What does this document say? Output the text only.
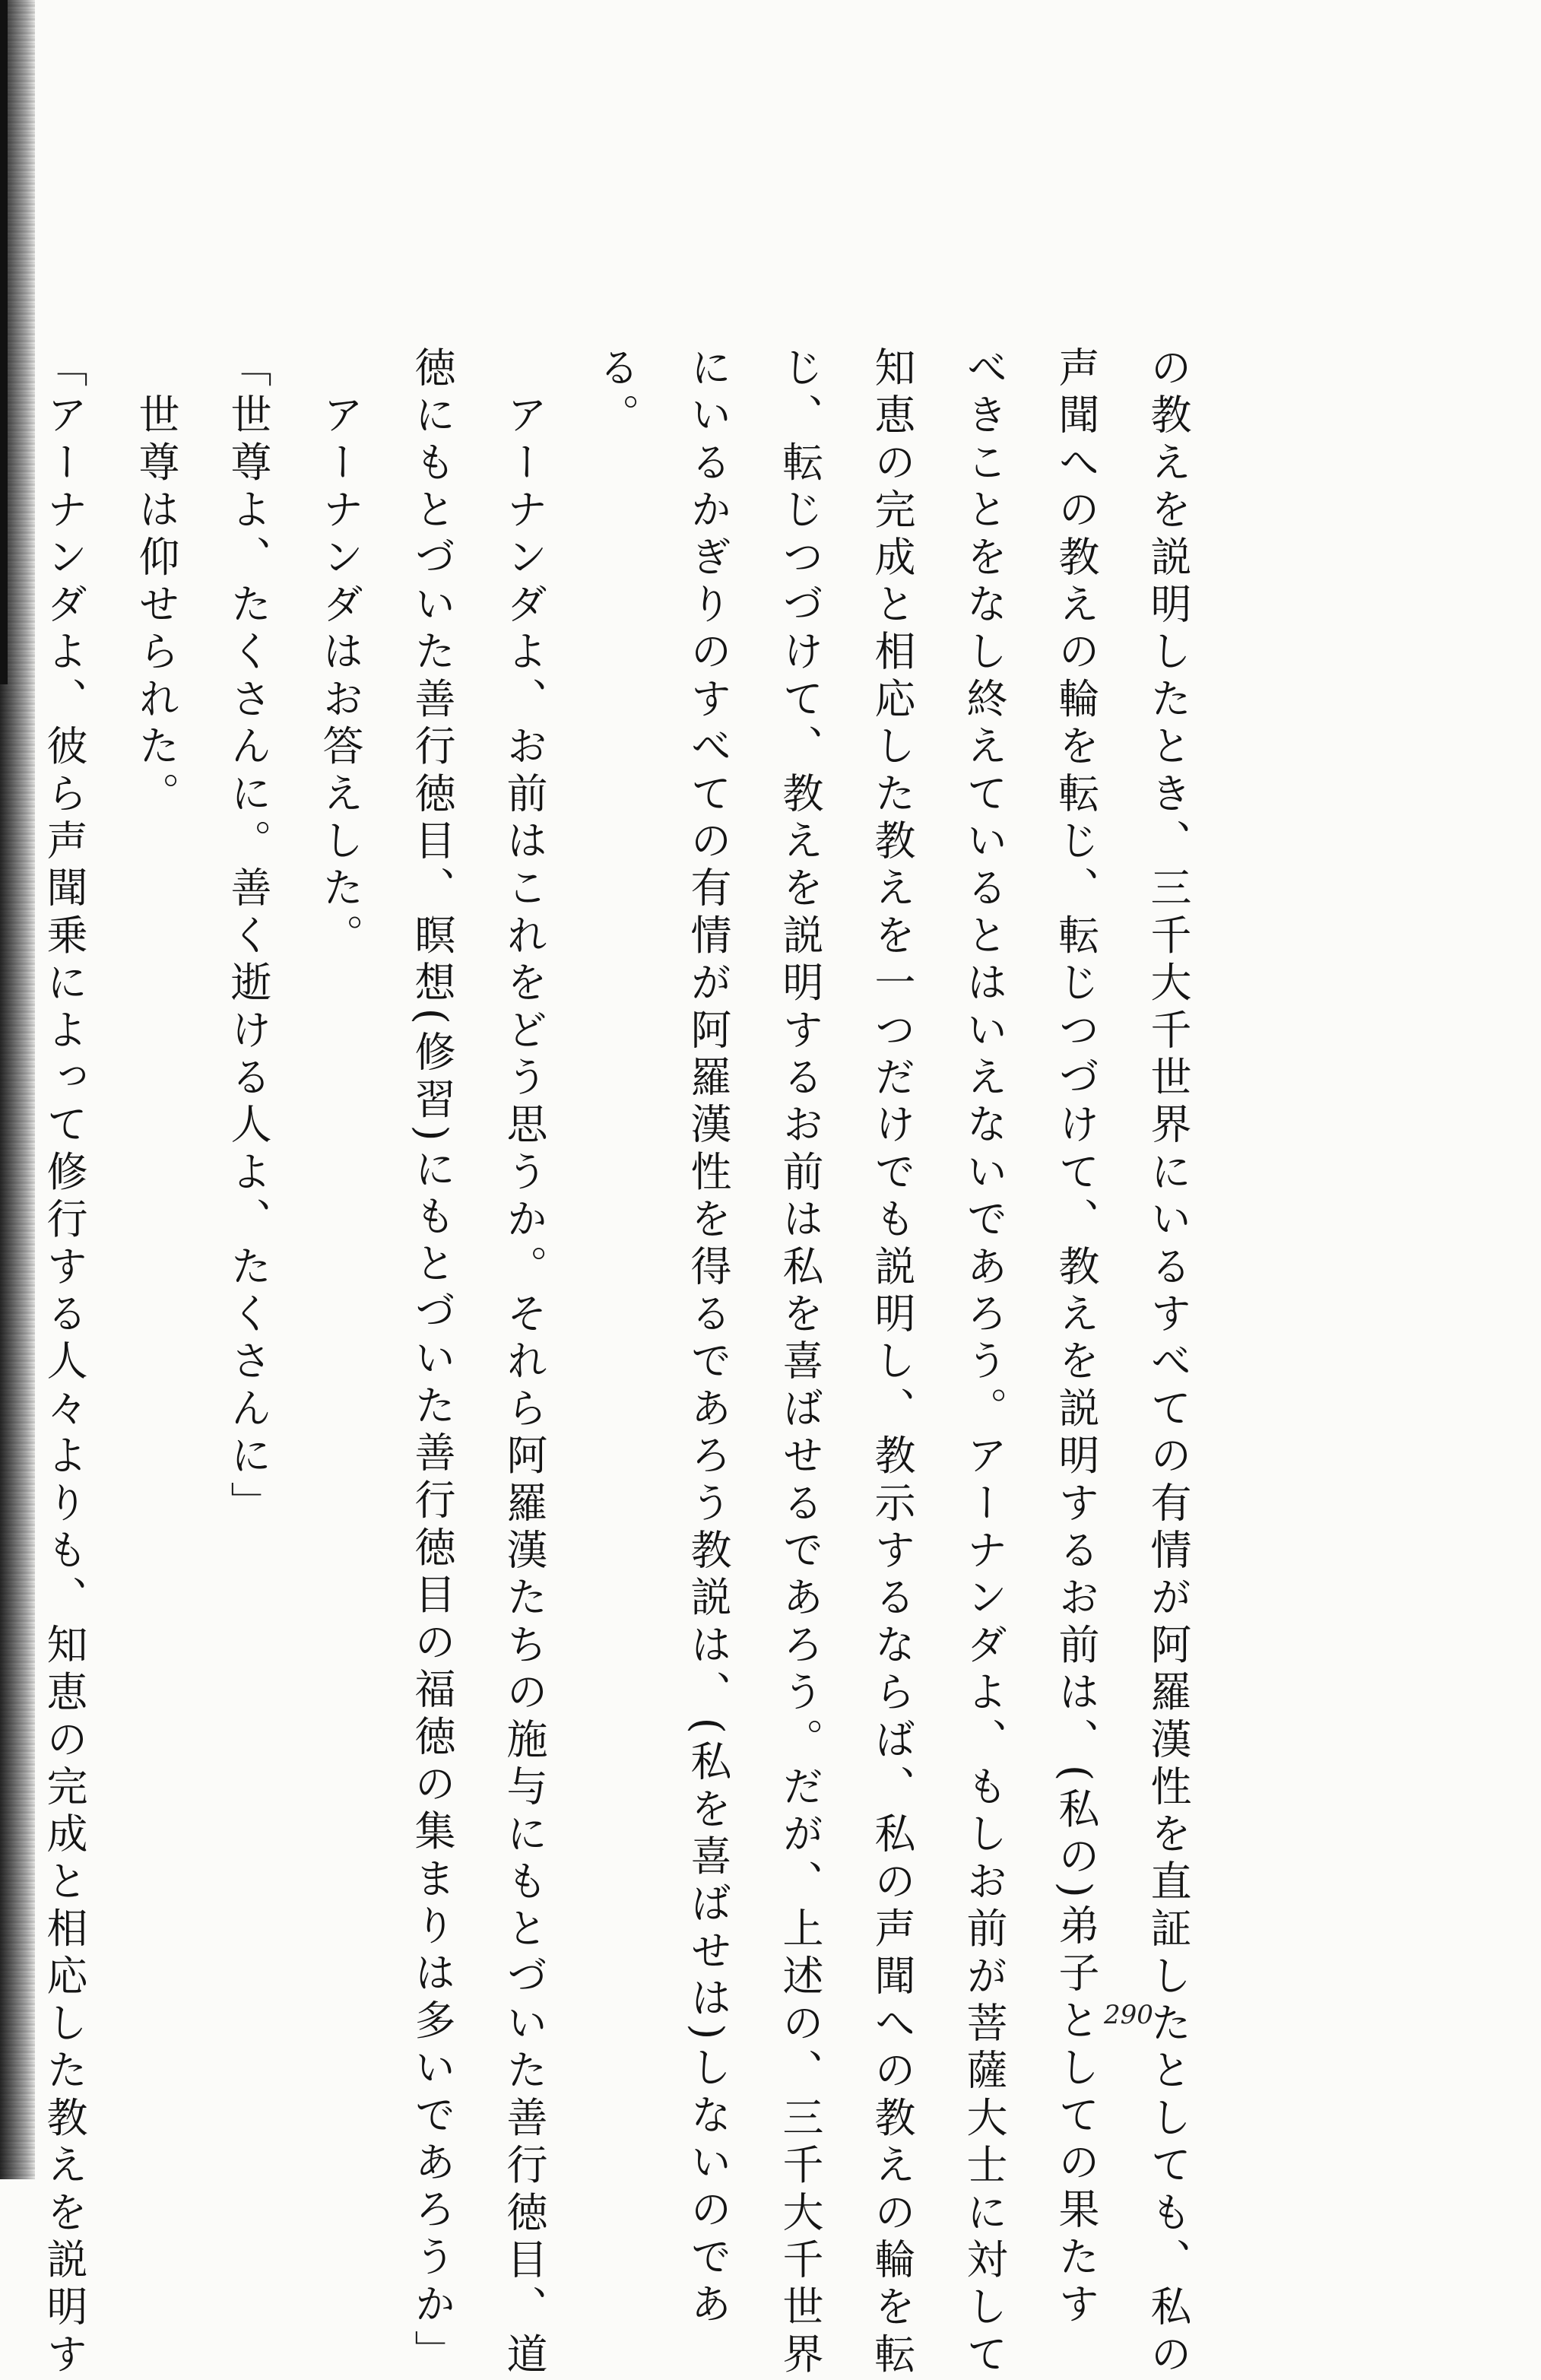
の教えを説明したとき、三千大千世界にいるすべての有情が阿羅漢性を直証したとしても、私の
声聞への教えの輪を転じ、転じつづけて、教えを説明するお前は、(私の)弟子としての果たす
べきことをなし終えているとはいえないであろう。アーナンダよ、もしお前が菩薩大士に対して
知恵の完成と相応した教えを一つだけでも説明し、教示するならば、私の声聞への教えの輪を転
じ、転じつづけて、教えを説明するお前は私を喜ばせるであろう。だが、上述の、三千大千世界
にいるかぎりのすべての有情が阿羅漢性を得るであろう教説は、(私を喜ばせは)しないのであ
る。
　アーナンダよ、お前はこれをどう思うか。それら阿羅漢たちの施与にもとづいた善行徳目、道
徳にもとづいた善行徳目、瞑想(修習)にもとづいた善行徳目の福徳の集まりは多いであろうか」
　アーナンダはお答えした。
「世尊よ、たくさんに。善く逝ける人よ、たくさんに」
　世尊は仰せられた。
「アーナンダよ、彼ら声聞乗によって修行する人々よりも、知恵の完成と相応した教えを説明す	290
